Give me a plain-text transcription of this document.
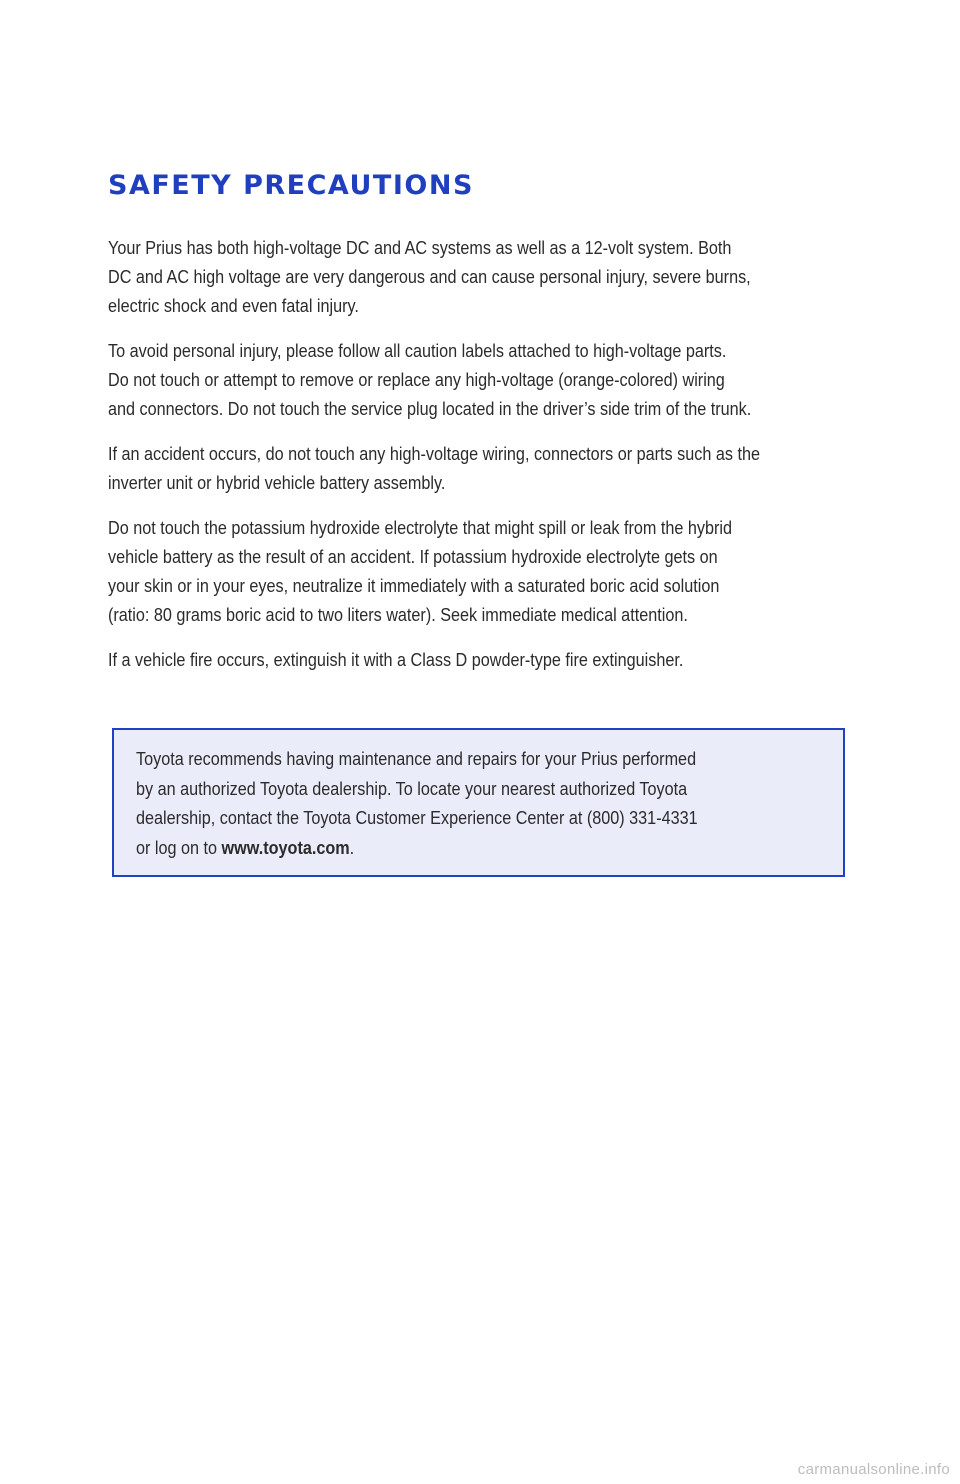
SAFETY PRECAUTIONS

Your Prius has both high-voltage DC and AC systems as well as a 12-volt system. Both
DC and AC high voltage are very dangerous and can cause personal injury, severe burns,
electric shock and even fatal injury.

To avoid personal injury, please follow all caution labels attached to high-voltage parts.
Do not touch or attempt to remove or replace any high-voltage (orange-colored) wiring
and connectors. Do not touch the service plug located in the driver’s side trim of the trunk.

If an accident occurs, do not touch any high-voltage wiring, connectors or parts such as the
inverter unit or hybrid vehicle battery assembly.

Do not touch the potassium hydroxide electrolyte that might spill or leak from the hybrid
vehicle battery as the result of an accident. If potassium hydroxide electrolyte gets on
your skin or in your eyes, neutralize it immediately with a saturated boric acid solution
(ratio: 80 grams boric acid to two liters water). Seek immediate medical attention.

If a vehicle fire occurs, extinguish it with a Class D powder-type fire extinguisher.

Toyota recommends having maintenance and repairs for your Prius performed
by an authorized Toyota dealership. To locate your nearest authorized Toyota
dealership, contact the Toyota Customer Experience Center at (800) 331-4331
or log on to www.toyota.com.
carmanualsonline.info
